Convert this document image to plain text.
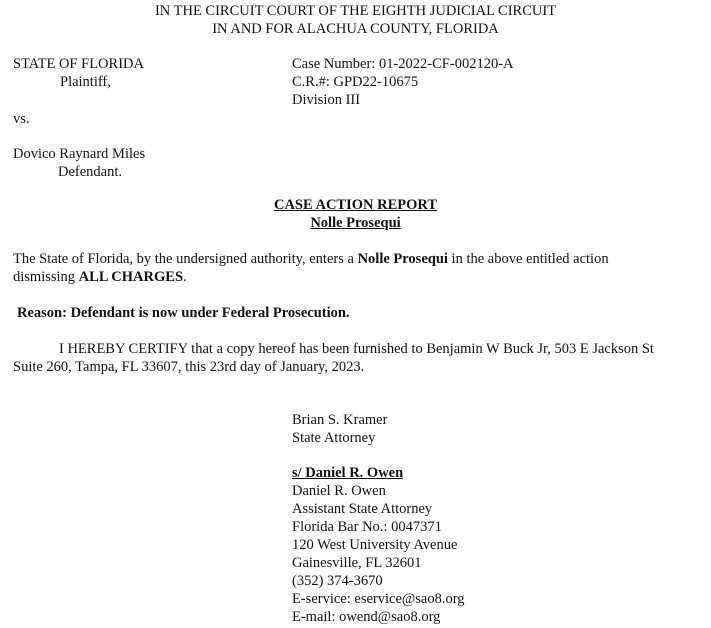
IN THE CIRCUIT COURT OF THE EIGHTH JUDICIAL CIRCUIT
IN AND FOR ALACHUA COUNTY, FLORIDA
STATE OF FLORIDA
Plaintiff,
vs.
Dovico Raynard Miles
Defendant.
Case Number: 01-2022-CF-002120-A
C.R.#: GPD22-10675
Division III
CASE ACTION REPORT
Nolle Prosequi
The State of Florida, by the undersigned authority, enters a Nolle Prosequi in the above entitled action
dismissing ALL CHARGES.
Reason: Defendant is now under Federal Prosecution.
I HEREBY CERTIFY that a copy hereof has been furnished to Benjamin W Buck Jr, 503 E Jackson St
Suite 260, Tampa, FL 33607, this 23rd day of January, 2023.
Brian S. Kramer
State Attorney
s/ Daniel R. Owen
Daniel R. Owen
Assistant State Attorney
Florida Bar No.: 0047371
120 West University Avenue
Gainesville, FL 32601
(352) 374-3670
E-service: eservice@sao8.org
E-mail: owend@sao8.org
